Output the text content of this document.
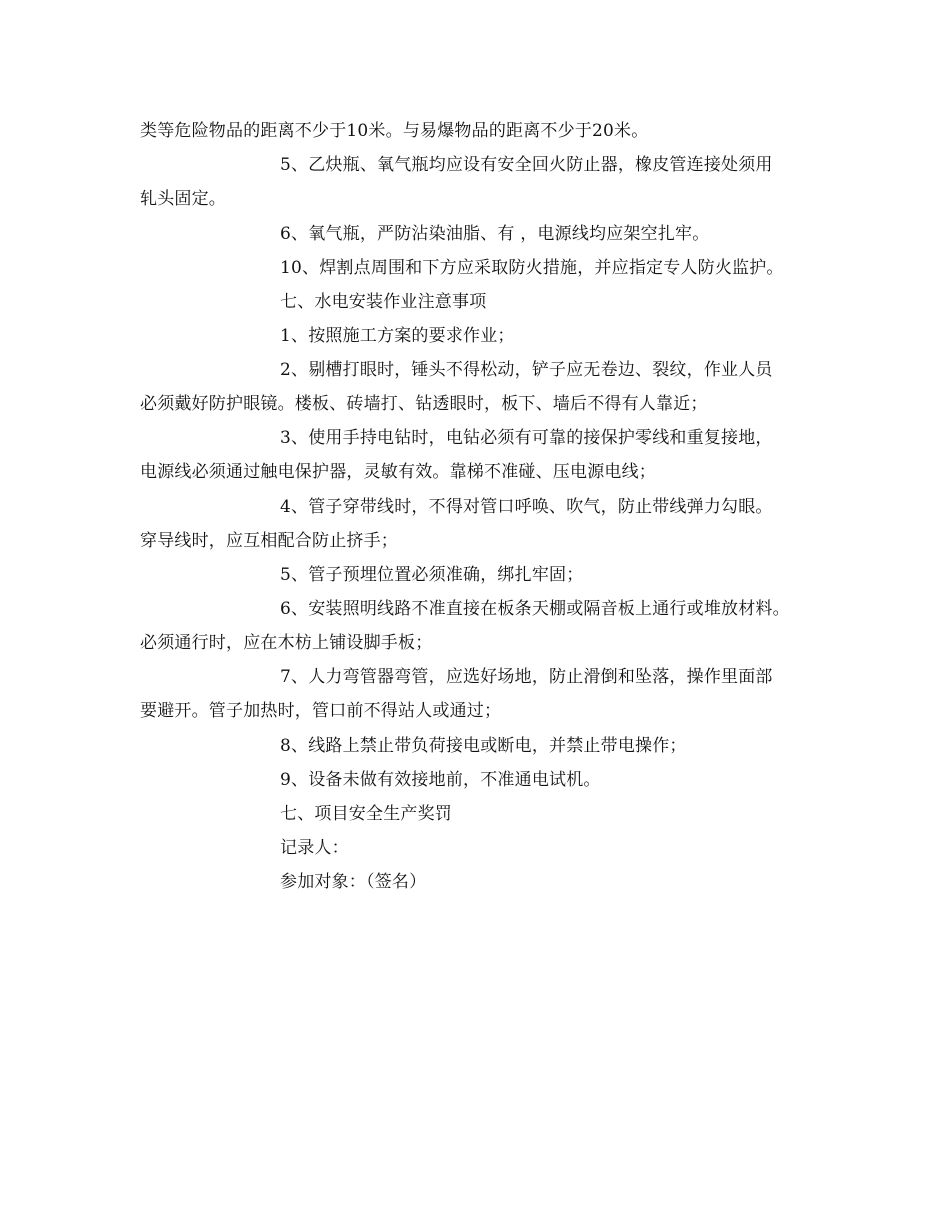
类等危险物品的距离不少于10米。与易爆物品的距离不少于20米。
5、乙炔瓶、氧气瓶均应设有安全回火防止器，橡皮管连接处须用
轧头固定。
6、氧气瓶，严防沾染油脂、有 ，电源线均应架空扎牢。
10、焊割点周围和下方应采取防火措施，并应指定专人防火监护。
七、水电安装作业注意事项
1、按照施工方案的要求作业；
2、剔槽打眼时，锤头不得松动，铲子应无卷边、裂纹，作业人员
必须戴好防护眼镜。楼板、砖墙打、钻透眼时，板下、墙后不得有人靠近；
3、使用手持电钻时，电钻必须有可靠的接保护零线和重复接地，
电源线必须通过触电保护器，灵敏有效。靠梯不准碰、压电源电线；
4、管子穿带线时，不得对管口呼唤、吹气，防止带线弹力勾眼。
穿导线时，应互相配合防止挤手；
5、管子预埋位置必须准确，绑扎牢固；
6、安装照明线路不准直接在板条天棚或隔音板上通行或堆放材料。
必须通行时，应在木枋上铺设脚手板；
7、人力弯管器弯管，应选好场地，防止滑倒和坠落，操作里面部
要避开。管子加热时，管口前不得站人或通过；
8、线路上禁止带负荷接电或断电，并禁止带电操作；
9、设备未做有效接地前，不准通电试机。
七、项目安全生产奖罚
记录人：
参加对象：（签名）
